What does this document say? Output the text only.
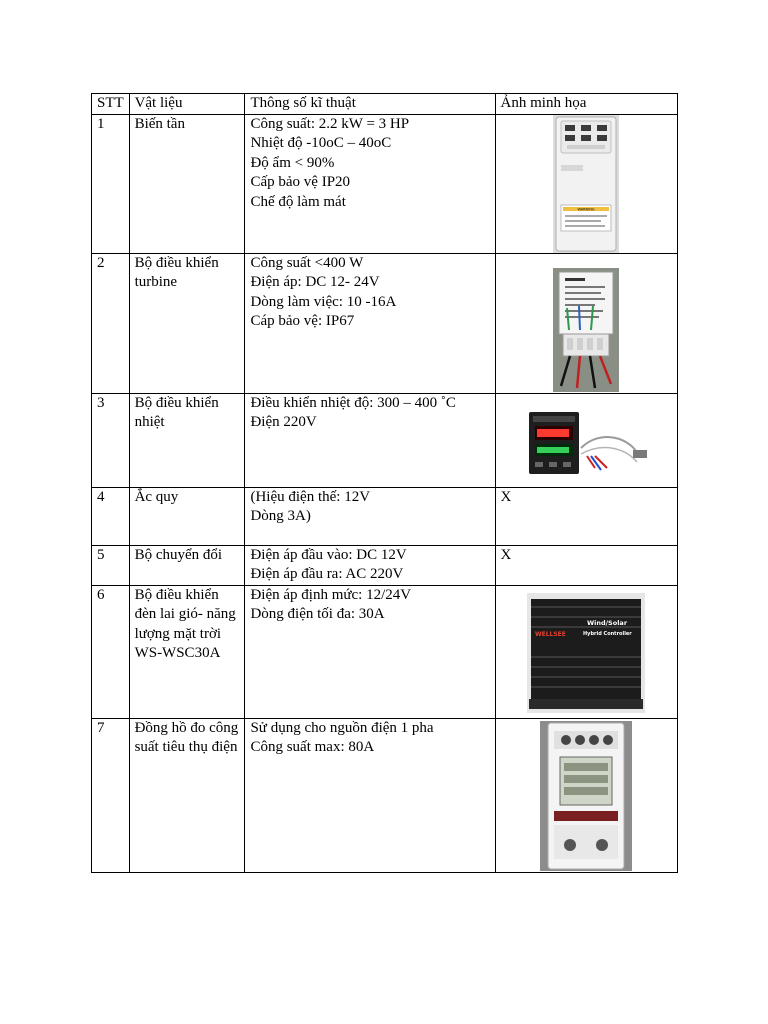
STT	Vật liệu	Thông số kĩ thuật	Ảnh minh họa
1	Biến tần	Công suất: 2.2 kW = 3 HP
Nhiệt độ -10oC – 40oC
Độ ẩm < 90%
Cấp bảo vệ IP20
Chế độ làm mát	WARNING

2	Bộ điều khiển turbine	Công suất <400 W
Điện áp: DC 12- 24V
Dòng làm việc: 10 -16A
Cáp bảo vệ: IP67

3	Bộ điều khiển nhiệt	Điều khiển nhiệt độ: 300 – 400 ˚C
Điện 220V

4	Ắc quy	(Hiệu điện thế: 12V
Dòng 3A)	X

5	Bộ chuyển đổi	Điện áp đầu vào: DC 12V
Điện áp đầu ra: AC 220V	X

6	Bộ điều khiển đèn lai gió- năng lượng mặt trời WS-WSC30A	Điện áp định mức: 12/24V
Dòng điện tối đa: 30A	Wind/Solar
Hybrid Controller
WELLSEE

7	Đồng hồ đo công suất tiêu thụ điện	Sử dụng cho nguồn điện 1 pha
Công suất max: 80A
